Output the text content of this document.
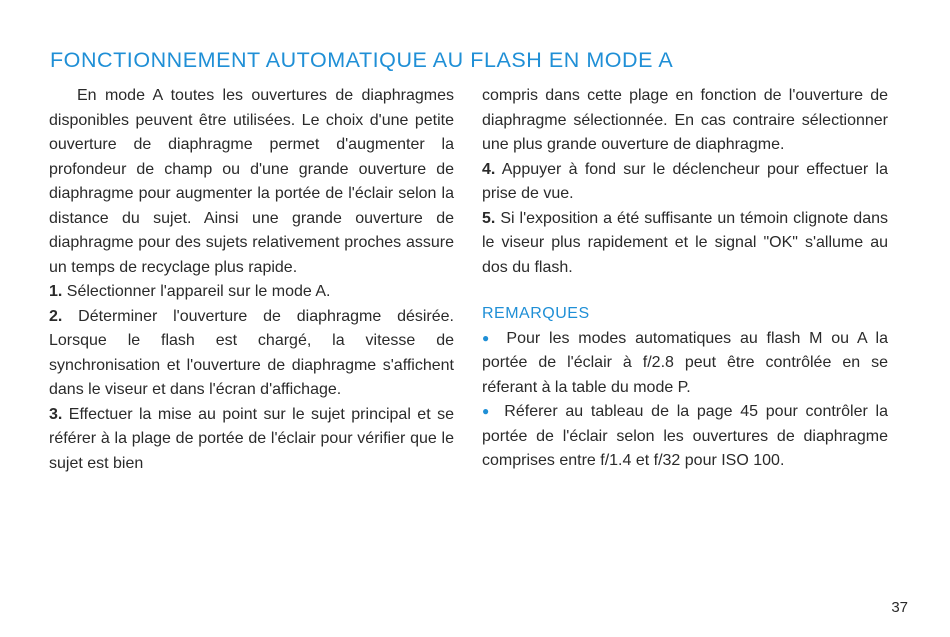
FONCTIONNEMENT AUTOMATIQUE AU FLASH EN MODE A

En mode A toutes les ouvertures de diaphragmes disponibles peuvent être utilisées. Le choix d'une petite ouverture de diaphragme permet d'augmenter la profondeur de champ ou d'une grande ouverture de diaphragme pour augmenter la portée de l'éclair selon la distance du sujet. Ainsi une grande ouverture de diaphragme pour des sujets relativement proches assure un temps de recyclage plus rapide.

1. Sélectionner l'appareil sur le mode A.

2. Déterminer l'ouverture de diaphragme désirée. Lorsque le flash est chargé, la vitesse de synchronisation et l'ouverture de diaphragme s'affichent dans le viseur et dans l'écran d'affichage.

3. Effectuer la mise au point sur le sujet principal et se référer à la plage de portée de l'éclair pour vérifier que le sujet est bien

compris dans cette plage en fonction de l'ouverture de diaphragme sélectionnée. En cas contraire sélectionner une plus grande ouverture de diaphragme.

4. Appuyer à fond sur le déclencheur pour effectuer la prise de vue.

5. Si l'exposition a été suffisante un témoin clignote dans le viseur plus rapidement et le signal "OK" s'allume au dos du flash.

REMARQUES

● Pour les modes automatiques au flash M ou A la portée de l'éclair à f/2.8 peut être contrôlée en se réferant à la table du mode P.

● Réferer au tableau de la page 45 pour contrôler la portée de l'éclair selon les ouvertures de diaphragme comprises entre f/1.4 et f/32 pour ISO 100.

37
